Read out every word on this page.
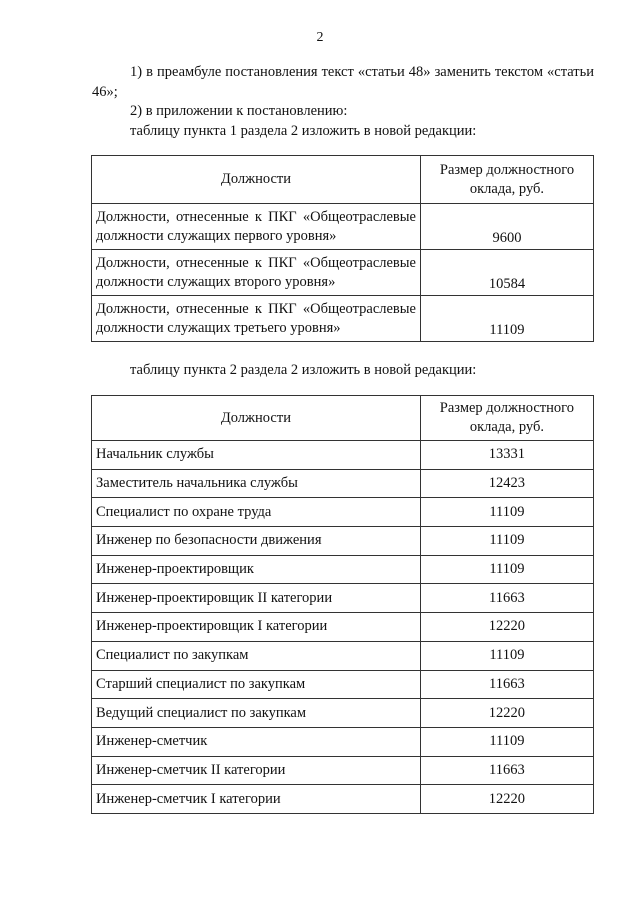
2

1) в преамбуле постановления текст «статьи 48» заменить текстом «статьи 46»;

2) в приложении к постановлению:

таблицу пункта 1 раздела 2 изложить в новой редакции:

Должности	Размер должностного оклада, руб.
Должности, отнесенные к ПКГ «Общеотраслевые должности служащих первого уровня»	9600
Должности, отнесенные к ПКГ «Общеотраслевые должности служащих второго уровня»	10584
Должности, отнесенные к ПКГ «Общеотраслевые должности служащих третьего уровня»	11109

таблицу пункта 2 раздела 2 изложить в новой редакции:

Должности	Размер должностного оклада, руб.
Начальник службы	13331
Заместитель начальника службы	12423
Специалист по охране труда	11109
Инженер по безопасности движения	11109
Инженер-проектировщик	11109
Инженер-проектировщик II категории	11663
Инженер-проектировщик I категории	12220
Специалист по закупкам	11109
Старший специалист по закупкам	11663
Ведущий специалист по закупкам	12220
Инженер-сметчик	11109
Инженер-сметчик II категории	11663
Инженер-сметчик I категории	12220
